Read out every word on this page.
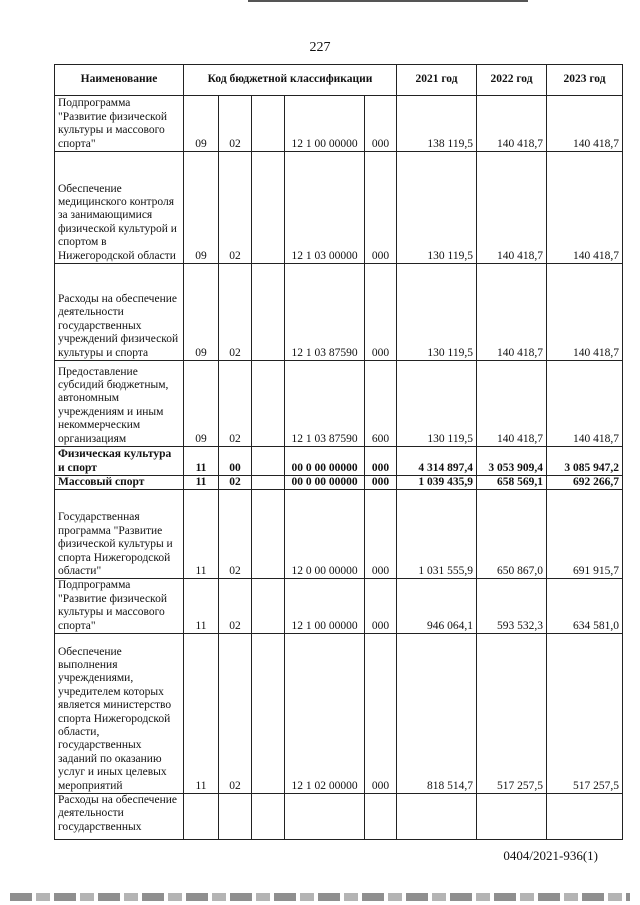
227
Наименование	Код бюджетной классификации					2021 год	2022 год	2023 год
Подпрограмма "Развитие физической культуры и массового спорта"	09	02		12 1 00 00000	000	138 119,5	140 418,7	140 418,7
Обеспечение медицинского контроля за занимающимися физической культурой и спортом в Нижегородской области	09	02		12 1 03 00000	000	130 119,5	140 418,7	140 418,7
Расходы на обеспечение деятельности государственных учреждений физической культуры и спорта	09	02		12 1 03 87590	000	130 119,5	140 418,7	140 418,7
Предоставление субсидий бюджетным, автономным учреждениям и иным некоммерческим организациям	09	02		12 1 03 87590	600	130 119,5	140 418,7	140 418,7
Физическая культура и спорт	11	00		00 0 00 00000	000	4 314 897,4	3 053 909,4	3 085 947,2
Массовый спорт	11	02		00 0 00 00000	000	1 039 435,9	658 569,1	692 266,7
Государственная программа "Развитие физической культуры и спорта Нижегородской области"	11	02		12 0 00 00000	000	1 031 555,9	650 867,0	691 915,7
Подпрограмма "Развитие физической культуры и массового спорта"	11	02		12 1 00 00000	000	946 064,1	593 532,3	634 581,0
Обеспечение выполнения учреждениями, учредителем которых является министерство спорта Нижегородской области, государственных заданий по оказанию услуг и иных целевых мероприятий	11	02		12 1 02 00000	000	818 514,7	517 257,5	517 257,5
Расходы на обеспечение деятельности государственных								
0404/2021-936(1)
